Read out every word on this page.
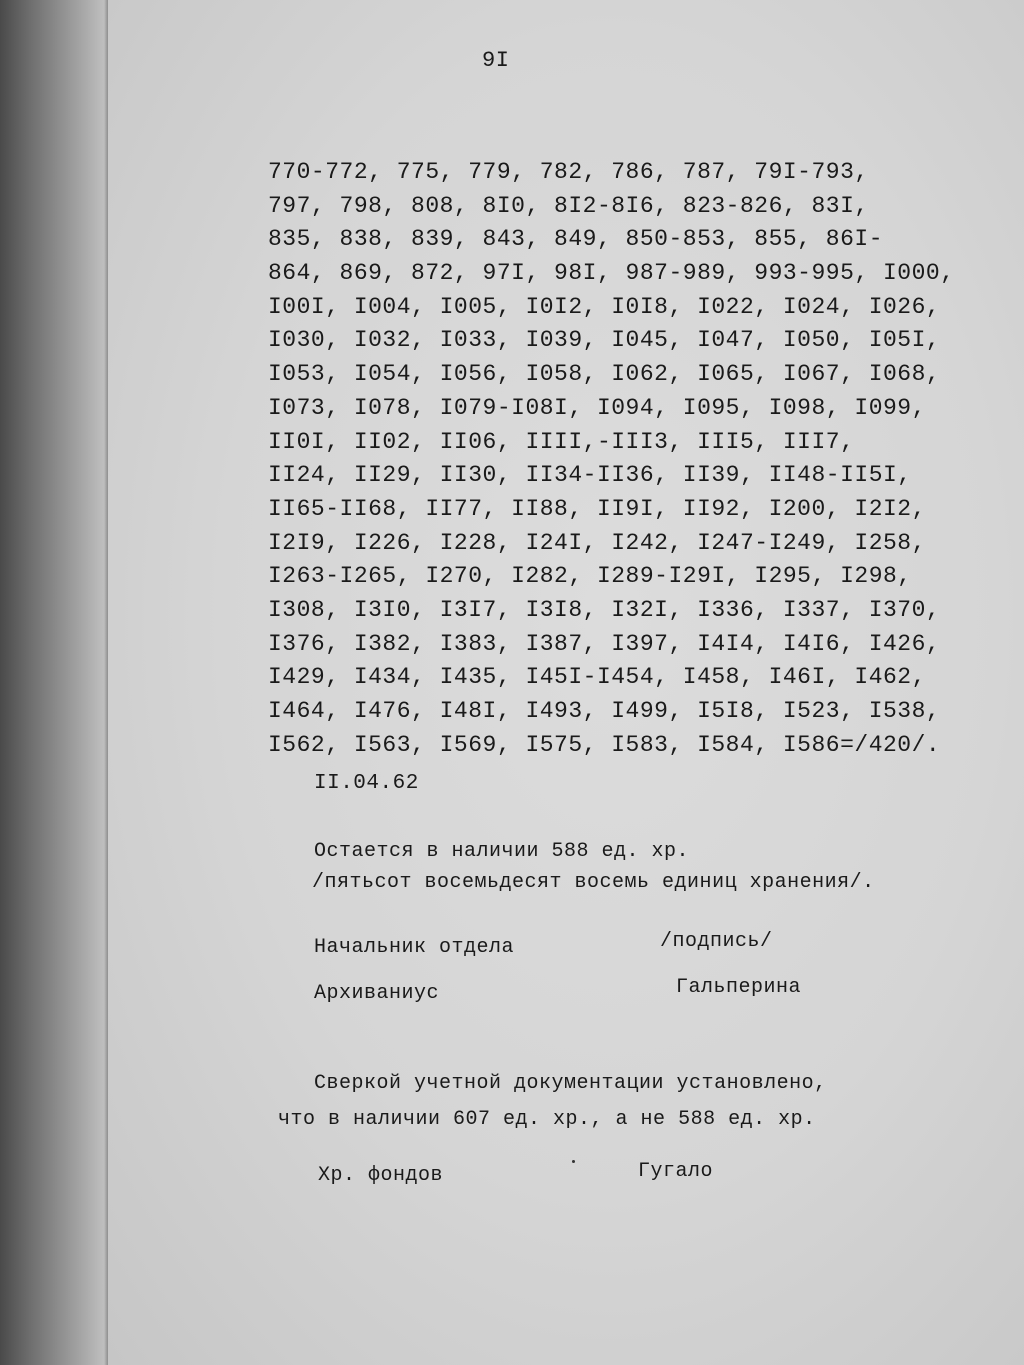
9I
770-772, 775, 779, 782, 786, 787, 79I-793,
797, 798, 808, 8I0, 8I2-8I6, 823-826, 83I,
835, 838, 839, 843, 849, 850-853, 855, 86I-
864, 869, 872, 97I, 98I, 987-989, 993-995, I000,
I00I, I004, I005, I0I2, I0I8, I022, I024, I026,
I030, I032, I033, I039, I045, I047, I050, I05I,
I053, I054, I056, I058, I062, I065, I067, I068,
I073, I078, I079-I08I, I094, I095, I098, I099,
II0I, II02, II06, IIII,-III3, III5, III7,
II24, II29, II30, II34-II36, II39, II48-II5I,
II65-II68, II77, II88, II9I, II92, I200, I2I2,
I2I9, I226, I228, I24I, I242, I247-I249, I258,
I263-I265, I270, I282, I289-I29I, I295, I298,
I308, I3I0, I3I7, I3I8, I32I, I336, I337, I370,
I376, I382, I383, I387, I397, I4I4, I4I6, I426,
I429, I434, I435, I45I-I454, I458, I46I, I462,
I464, I476, I48I, I493, I499, I5I8, I523, I538,
I562, I563, I569, I575, I583, I584, I586=/420/.
II.04.62
Остается в наличии 588 ед. хр.
/пятьсот восемьдесят восемь единиц хранения/.
Начальник отдела	/подпись/
Архиваниус	Гальперина
Сверкой учетной документации установлено,
что в наличии 607 ед. хр., а не 588 ед. хр.
Хр. фондов	Гугало
